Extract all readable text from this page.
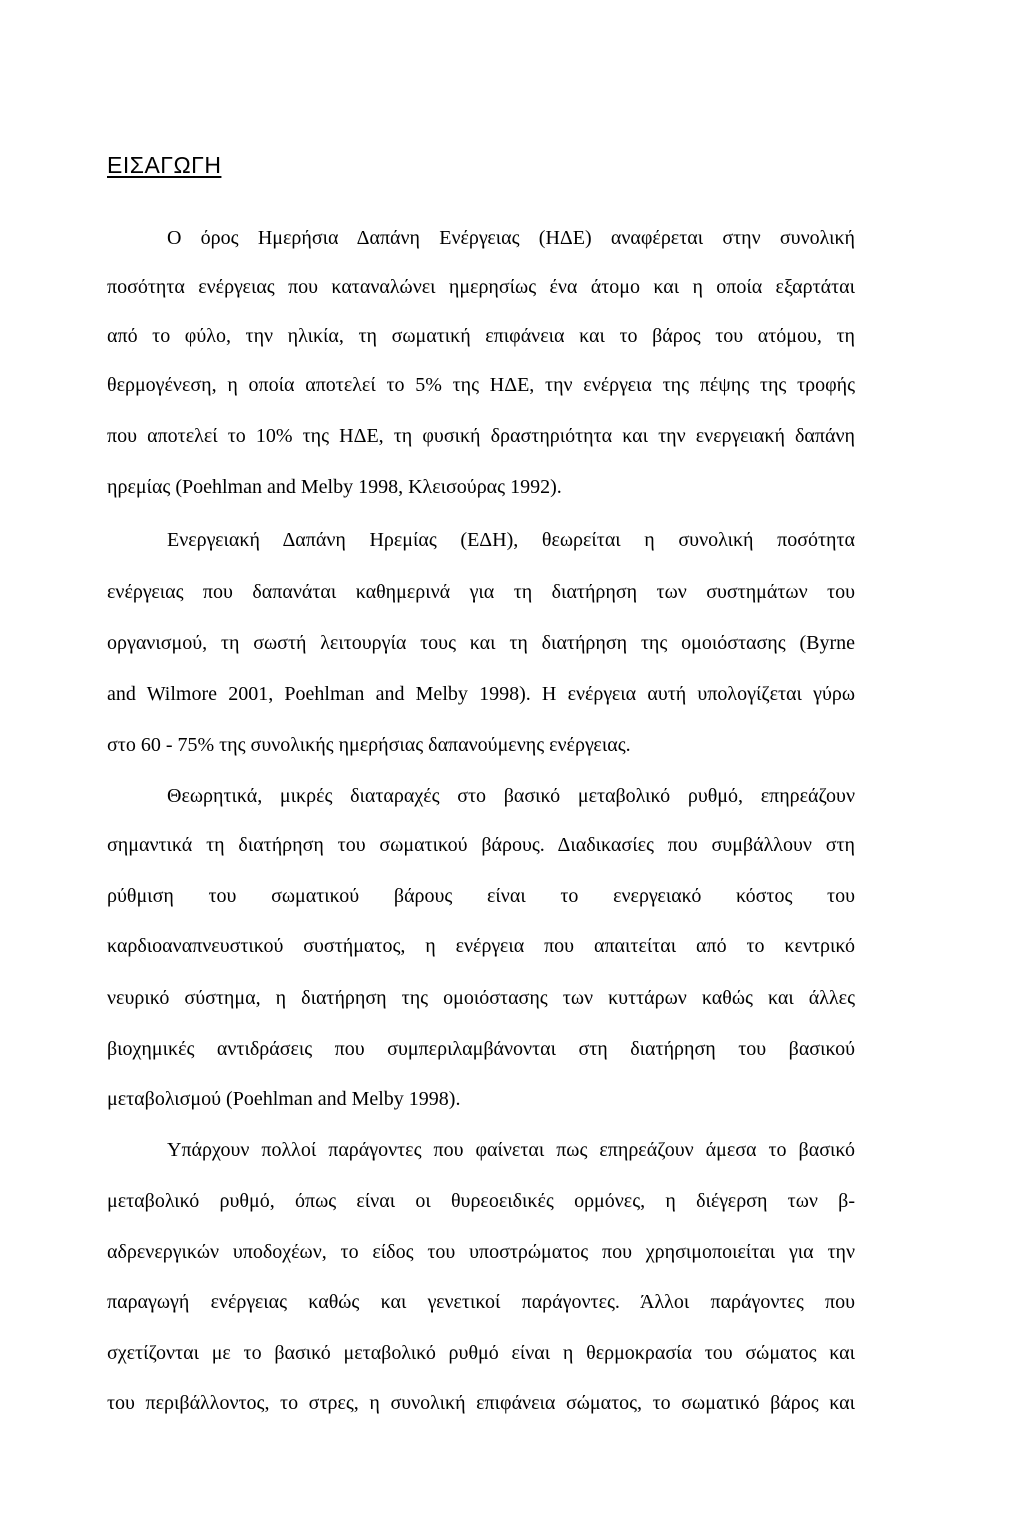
ΕΙΣΑΓΩΓΗ
Ο όρος Ημερήσια Δαπάνη Ενέργειας (ΗΔΕ) αναφέρεται στην συνολική
ποσότητα ενέργειας που καταναλώνει ημερησίως ένα άτομο και η οποία εξαρτάται
από το φύλο, την ηλικία, τη σωματική επιφάνεια και το βάρος του ατόμου, τη
θερμογένεση, η οποία αποτελεί το 5% της ΗΔΕ, την ενέργεια της πέψης της τροφής
που αποτελεί το 10% της ΗΔΕ, τη φυσική δραστηριότητα και την ενεργειακή δαπάνη
ηρεμίας (Poehlman and Melby 1998, Κλεισούρας 1992).
Ενεργειακή Δαπάνη Ηρεμίας (ΕΔΗ), θεωρείται η συνολική ποσότητα
ενέργειας που δαπανάται καθημερινά για τη διατήρηση των συστημάτων του
οργανισμού, τη σωστή λειτουργία τους και τη διατήρηση της ομοιόστασης (Byrne
and Wilmore 2001, Poehlman and Melby 1998). Η ενέργεια αυτή υπολογίζεται γύρω
στο 60 - 75% της συνολικής ημερήσιας δαπανούμενης ενέργειας.
Θεωρητικά, μικρές διαταραχές στο βασικό μεταβολικό ρυθμό, επηρεάζουν
σημαντικά τη διατήρηση του σωματικού βάρους. Διαδικασίες που συμβάλλουν στη
ρύθμιση του σωματικού βάρους είναι το ενεργειακό κόστος του
καρδιοαναπνευστικού συστήματος, η ενέργεια που απαιτείται από το κεντρικό
νευρικό σύστημα, η διατήρηση της ομοιόστασης των κυττάρων καθώς και άλλες
βιοχημικές αντιδράσεις που συμπεριλαμβάνονται στη διατήρηση του βασικού
μεταβολισμού (Poehlman and Melby 1998).
Υπάρχουν πολλοί παράγοντες που φαίνεται πως επηρεάζουν άμεσα το βασικό
μεταβολικό ρυθμό, όπως είναι οι θυρεοειδικές ορμόνες, η διέγερση των β-
αδρενεργικών υποδοχέων, το είδος του υποστρώματος που χρησιμοποιείται για την
παραγωγή ενέργειας καθώς και γενετικοί παράγοντες. Άλλοι παράγοντες που
σχετίζονται με το βασικό μεταβολικό ρυθμό είναι η θερμοκρασία του σώματος και
του περιβάλλοντος, το στρες, η συνολική επιφάνεια σώματος, το σωματικό βάρος και
